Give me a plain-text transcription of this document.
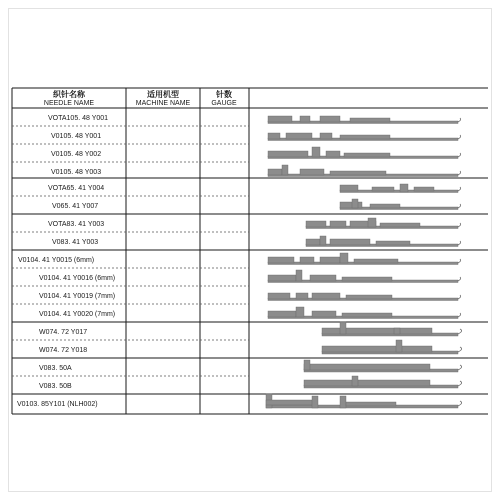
织针名称
NEEDLE NAME
适用机型
MACHINE NAME
针数
GAUGE
VOTA105. 48 Y001
V0105. 48 Y001
V0105. 48 Y002
V0105. 48 Y003
VOTA65. 41 Y004
V065. 41 Y007
VOTA83. 41 Y003
V083. 41 Y003
V0104. 41 Y0015 (6mm)
V0104. 41 Y0016 (6mm)
V0104. 41 Y0019 (7mm)
V0104. 41 Y0020 (7mm)
W074. 72 Y017
W074. 72 Y018
V083. 50A
V083. 50B
V0103. 85Y101 (NLH002)
